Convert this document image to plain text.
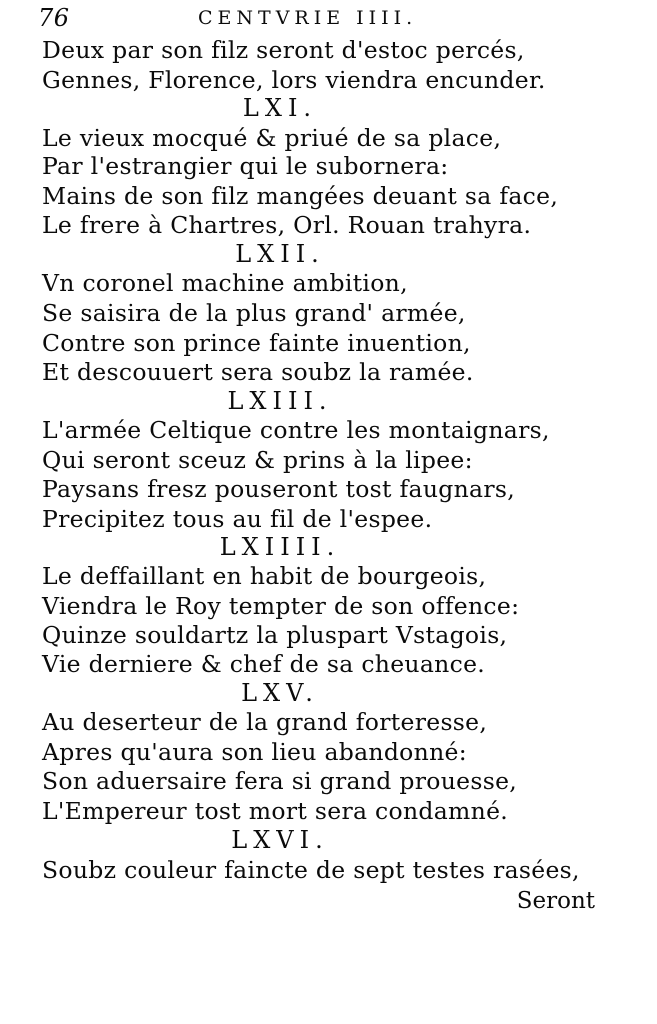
76	CENTVRIE IIII.
Deux par son filz seront d'estoc percés,
Gennes, Florence, lors viendra encunder.
LXI.
Le vieux mocqué & priué de sa place,
Par l'estrangier qui le subornera:
Mains de son filz mangées deuant sa face,
Le frere à Chartres, Orl. Rouan trahyra.
LXII.
Vn coronel machine ambition,
Se saisira de la plus grand' armée,
Contre son prince fainte inuention,
Et descouuert sera soubz la ramée.
LXIII.
L'armée Celtique contre les montaignars,
Qui seront sceuz & prins à la lipee:
Paysans fresz pouseront tost faugnars,
Precipitez tous au fil de l'espee.
LXIIII.
Le deffaillant en habit de bourgeois,
Viendra le Roy tempter de son offence:
Quinze souldartz la pluspart Vstagois,
Vie derniere & chef de sa cheuance.
LXV.
Au deserteur de la grand forteresse,
Apres qu'aura son lieu abandonné:
Son aduersaire fera si grand prouesse,
L'Empereur tost mort sera condamné.
LXVI.
Soubz couleur faincte de sept testes rasées,
Seront
